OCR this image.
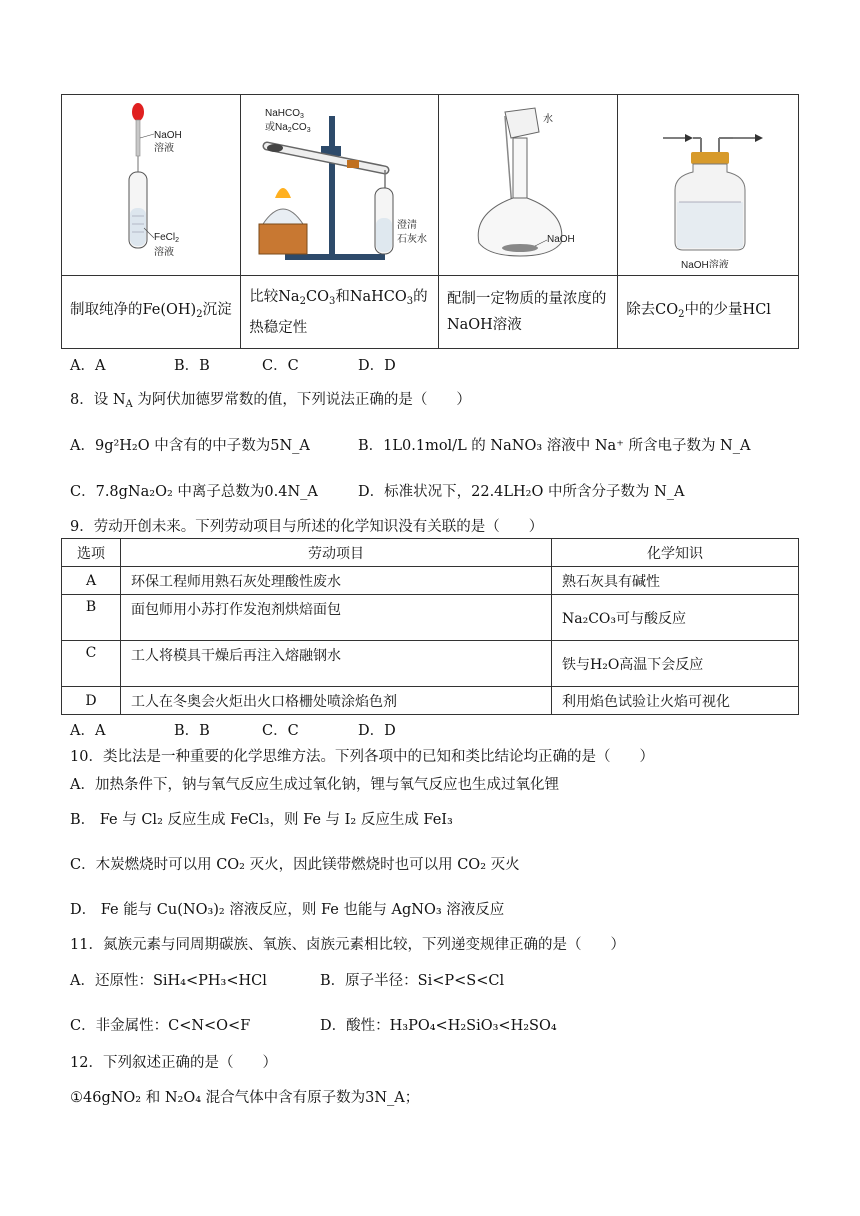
NaOH
溶液
FeCl$_2$
溶液	NaHCO$_3$
或$Na_2CO_3$
澄清
石灰水	水
NaOH	NaOH溶液

制取纯净的$Fe(OH)_2$沉淀	比较$Na_2CO_3$和NaHCO$_3$的热稳定性	配制一定物质的量浓度的NaOH溶液	除去$CO_2$中的少量HCl
A．A	B．B	C．C	D．D
8．设 $N_A$ 为阿伏加德罗常数的值，下列说法正确的是（　　）
A．9g²H₂O 中含有的中子数为5N_A	B．1L0.1mol/L 的 NaNO₃ 溶液中 Na⁺ 所含电子数为 N_A
C．7.8gNa₂O₂ 中离子总数为0.4N_A	D．标准状况下，22.4LH₂O 中所含分子数为 N_A
9．劳动开创未来。下列劳动项目与所述的化学知识没有关联的是（　　）
选项	劳动项目	化学知识
A	环保工程师用熟石灰处理酸性废水	熟石灰具有碱性
B	面包师用小苏打作发泡剂烘焙面包	Na₂CO₃可与酸反应
C	工人将模具干燥后再注入熔融钢水	铁与H₂O高温下会反应
D	工人在冬奥会火炬出火口格栅处喷涂焰色剂	利用焰色试验让火焰可视化
A．A	B．B	C．C	D．D
10．类比法是一种重要的化学思维方法。下列各项中的已知和类比结论均正确的是（　　）
A．加热条件下，钠与氧气反应生成过氧化钠，锂与氧气反应也生成过氧化锂
B． Fe 与 Cl₂ 反应生成 FeCl₃，则 Fe 与 I₂ 反应生成 FeI₃
C．木炭燃烧时可以用 CO₂ 灭火，因此镁带燃烧时也可以用 CO₂ 灭火
D． Fe 能与 Cu(NO₃)₂ 溶液反应，则 Fe 也能与 AgNO₃ 溶液反应
11．氮族元素与同周期碳族、氧族、卤族元素相比较，下列递变规律正确的是（　　）
A．还原性：SiH₄<PH₃<HCl	B．原子半径：Si<P<S<Cl
C．非金属性：C<N<O<F	D．酸性：H₃PO₄<H₂SiO₃<H₂SO₄
12．下列叙述正确的是（　　）
①46gNO₂ 和 N₂O₄ 混合气体中含有原子数为3N_A；
